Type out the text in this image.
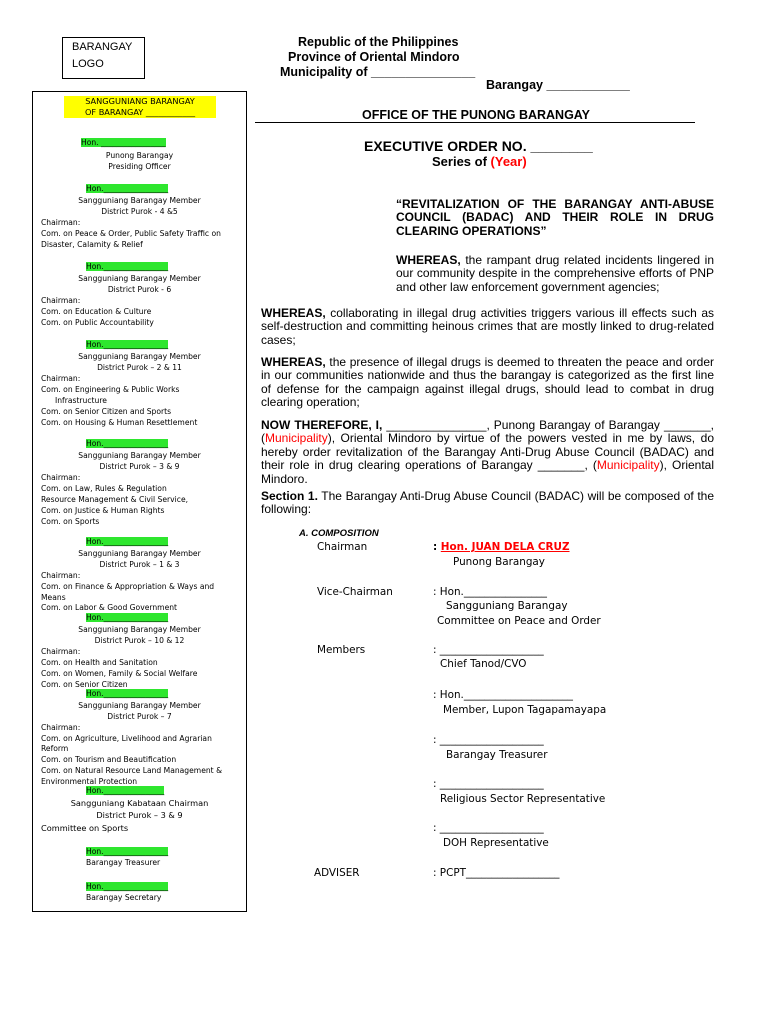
BARANGAY
LOGO
Republic of the Philippines
Province of Oriental Mindoro
Municipality of _______________
Barangay ____________
OFFICE OF THE PUNONG BARANGAY
EXECUTIVE ORDER NO. ________
Series of (Year)
SANGGUNIANG BARANGAY
OF BARANGAY ____________
Hon. _________________
Punong Barangay
Presiding Officer
Hon._________________
Sangguniang Barangay Member
District Purok - 4 &5
Chairman:
Com. on Peace & Order, Public Safety Traffic on
Disaster, Calamity & Relief
Hon._________________
Sangguniang Barangay Member
District Purok - 6
Chairman:
Com. on Education & Culture
Com. on Public Accountability
Hon._________________
Sangguniang Barangay Member
District Purok – 2 & 11
Chairman:
Com. on Engineering & Public Works
Infrastructure
Com. on Senior Citizen and Sports
Com. on Housing & Human Resettlement
Hon._________________
Sangguniang Barangay Member
District Purok – 3 & 9
Chairman:
Com. on Law, Rules & Regulation
Resource Management & Civil Service,
Com. on Justice & Human Rights
Com. on Sports
Hon._________________
Sangguniang Barangay Member
District Purok – 1 & 3
Chairman:
Com. on Finance & Appropriation & Ways and
Means
Com. on Labor & Good Government
Hon._________________
Sangguniang Barangay Member
District Purok – 10 & 12
Chairman:
Com. on Health and Sanitation
Com. on Women, Family & Social Welfare
Com. on Senior Citizen
Hon._________________
Sangguniang Barangay Member
District Purok – 7
Chairman:
Com. on Agriculture, Livelihood and Agrarian
Reform
Com. on Tourism and Beautification
Com. on Natural Resource Land Management &
Environmental Protection
Hon.________________
Sangguniang Kabataan Chairman
District Purok – 3 & 9
Committee on Sports
Hon._________________
Barangay Treasurer
Hon._________________
Barangay Secretary
“REVITALIZATION OF THE BARANGAY ANTI-ABUSE COUNCIL (BADAC) AND THEIR ROLE IN DRUG CLEARING OPERATIONS”
WHEREAS, the rampant drug related incidents lingered in our community despite in the comprehensive efforts of PNP and other law enforcement government agencies;
WHEREAS, collaborating in illegal drug activities triggers various ill effects such as self-destruction and committing heinous crimes that are mostly linked to drug-related cases;
WHEREAS, the presence of illegal drugs is deemed to threaten the peace and order in our communities nationwide and thus the barangay is categorized as the first line of defense for the campaign against illegal drugs, should lead to combat in drug clearing operation;
NOW THEREFORE, I, _______________, Punong Barangay of Barangay _______, (Municipality), Oriental Mindoro by virtue of the powers vested in me by laws, do hereby order revitalization of the Barangay Anti-Drug Abuse Council (BADAC) and their role in drug clearing operations of Barangay _______, (Municipality), Oriental Mindoro.
Section 1. The Barangay Anti-Drug Abuse Council (BADAC) will be composed of the following:
A. COMPOSITION
Chairman	: Hon. JUAN DELA CRUZ
Punong Barangay
Vice-Chairman	: Hon.________________
Sangguniang Barangay
Committee on Peace and Order
Members	: ____________________
Chief Tanod/CVO
: Hon._____________________
Member, Lupon Tagapamayapa
: ____________________
Barangay Treasurer
: ____________________
Religious Sector Representative
: ____________________
DOH Representative
ADVISER	: PCPT__________________
